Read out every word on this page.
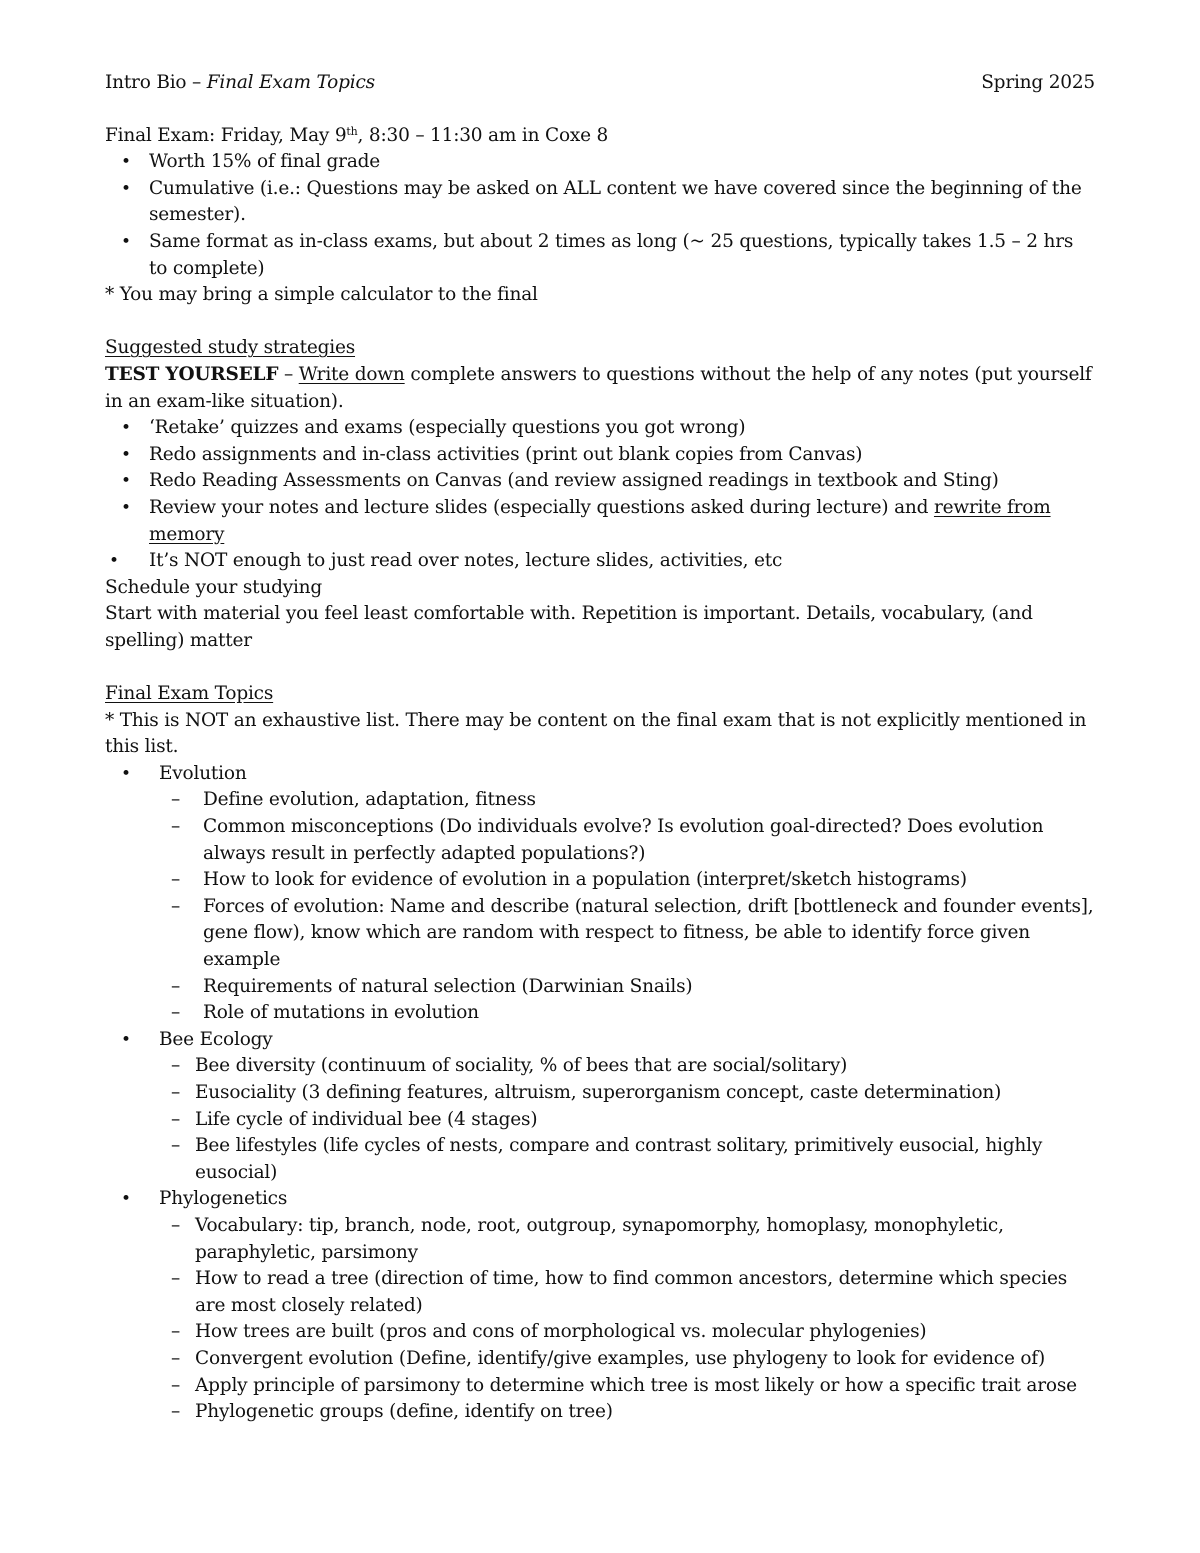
Intro Bio – Final Exam Topics	Spring 2025

Final Exam: Friday, May 9th, 8:30 – 11:30 am in Coxe 8

• Worth 15% of final grade
• Cumulative (i.e.: Questions may be asked on ALL content we have covered since the beginning of the semester).
• Same format as in-class exams, but about 2 times as long (~ 25 questions, typically takes 1.5 – 2 hrs to complete)

* You may bring a simple calculator to the final

Suggested study strategies

TEST YOURSELF – Write down complete answers to questions without the help of any notes (put yourself in an exam-like situation).

• ‘Retake’ quizzes and exams (especially questions you got wrong)
• Redo assignments and in-class activities (print out blank copies from Canvas)
• Redo Reading Assessments on Canvas (and review assigned readings in textbook and Sting)
• Review your notes and lecture slides (especially questions asked during lecture) and rewrite from memory
• It’s NOT enough to just read over notes, lecture slides, activities, etc

Schedule your studying

Start with material you feel least comfortable with. Repetition is important. Details, vocabulary, (and spelling) matter

Final Exam Topics

* This is NOT an exhaustive list. There may be content on the final exam that is not explicitly mentioned in this list.

• Evolution
– Define evolution, adaptation, fitness
– Common misconceptions (Do individuals evolve? Is evolution goal-directed? Does evolution always result in perfectly adapted populations?)
– How to look for evidence of evolution in a population (interpret/sketch histograms)
– Forces of evolution: Name and describe (natural selection, drift [bottleneck and founder events], gene flow), know which are random with respect to fitness, be able to identify force given example
– Requirements of natural selection (Darwinian Snails)
– Role of mutations in evolution
• Bee Ecology
– Bee diversity (continuum of sociality, % of bees that are social/solitary)
– Eusociality (3 defining features, altruism, superorganism concept, caste determination)
– Life cycle of individual bee (4 stages)
– Bee lifestyles (life cycles of nests, compare and contrast solitary, primitively eusocial, highly eusocial)
• Phylogenetics
– Vocabulary: tip, branch, node, root, outgroup, synapomorphy, homoplasy, monophyletic, paraphyletic, parsimony
– How to read a tree (direction of time, how to find common ancestors, determine which species are most closely related)
– How trees are built (pros and cons of morphological vs. molecular phylogenies)
– Convergent evolution (Define, identify/give examples, use phylogeny to look for evidence of)
– Apply principle of parsimony to determine which tree is most likely or how a specific trait arose
– Phylogenetic groups (define, identify on tree)
